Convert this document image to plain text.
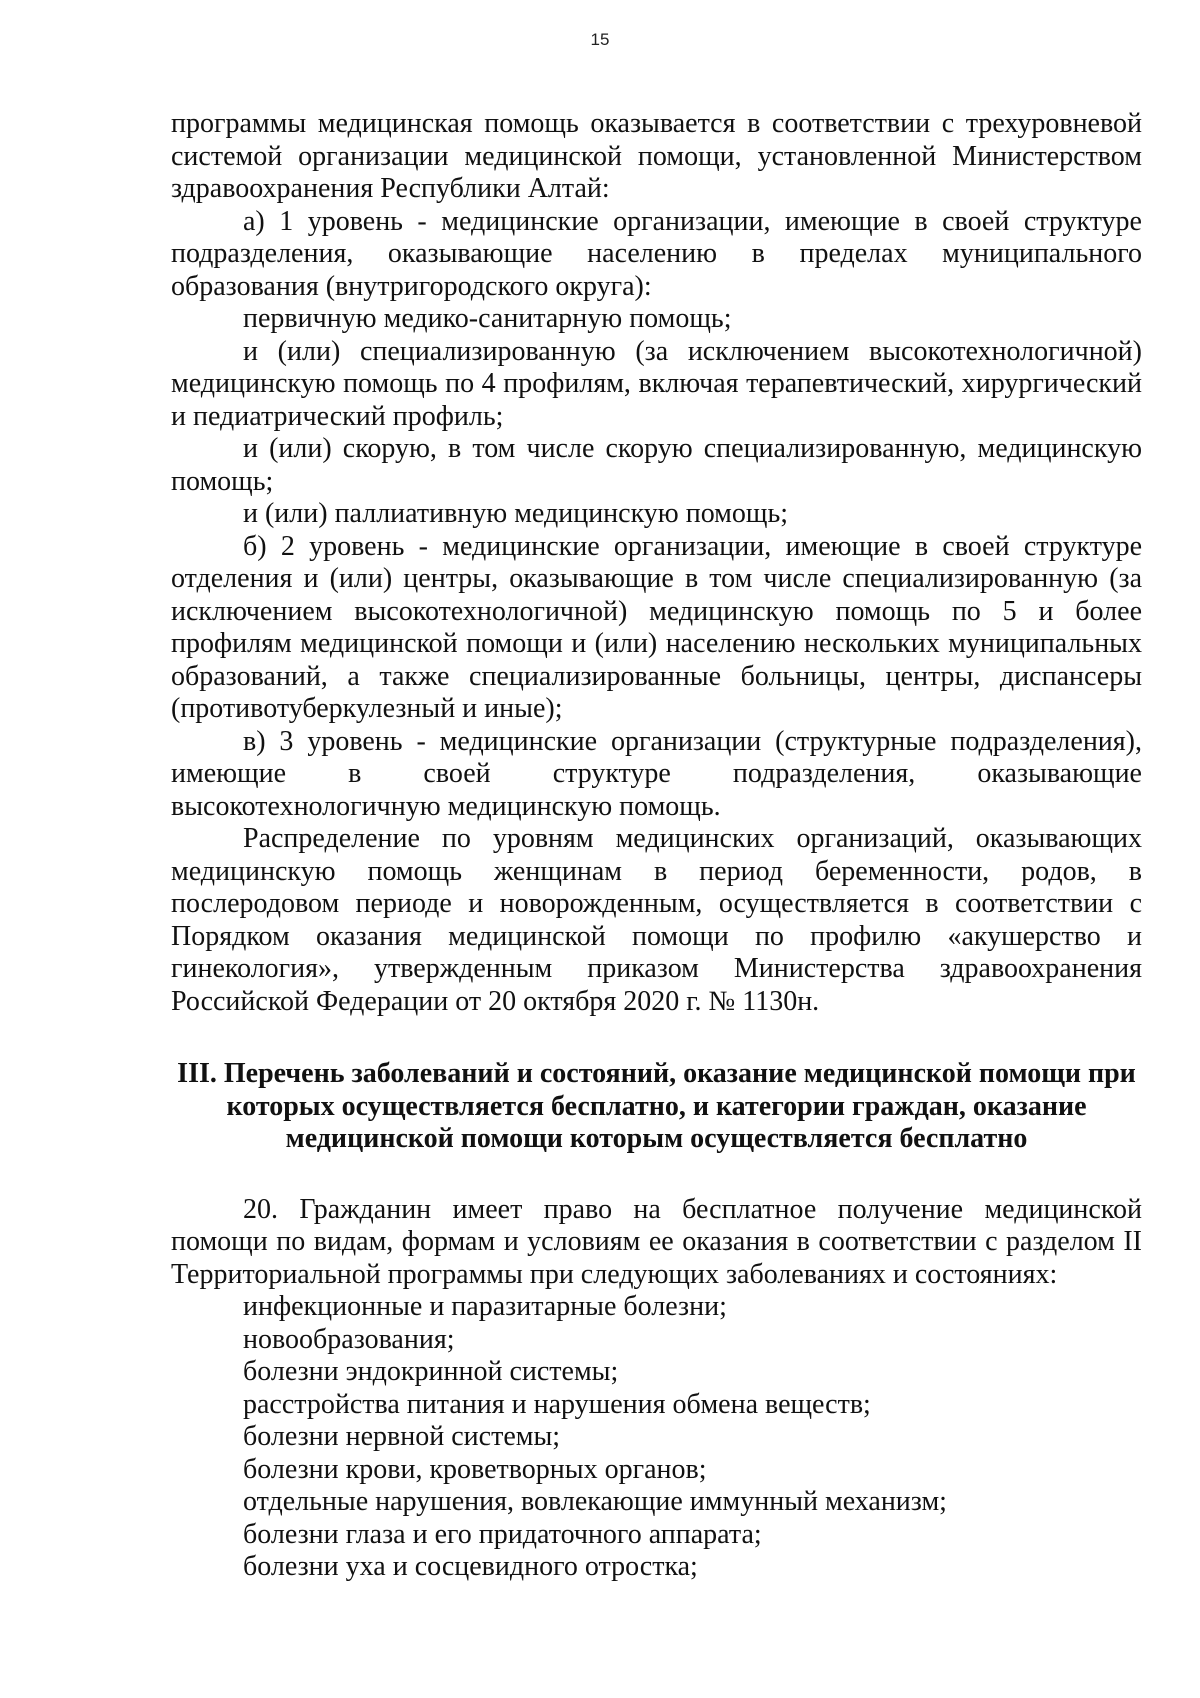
15

программы медицинская помощь оказывается в соответствии с трехуровневой системой организации медицинской помощи, установленной Министерством здравоохранения Республики Алтай:

а) 1 уровень - медицинские организации, имеющие в своей структуре подразделения, оказывающие населению в пределах муниципального образования (внутригородского округа):

первичную медико-санитарную помощь;

и (или) специализированную (за исключением высокотехнологичной) медицинскую помощь по 4 профилям, включая терапевтический, хирургический и педиатрический профиль;

и (или) скорую, в том числе скорую специализированную, медицинскую помощь;

и (или) паллиативную медицинскую помощь;

б) 2 уровень - медицинские организации, имеющие в своей структуре отделения и (или) центры, оказывающие в том числе специализированную (за исключением высокотехнологичной) медицинскую помощь по 5 и более профилям медицинской помощи и (или) населению нескольких муниципальных образований, а также специализированные больницы, центры, диспансеры (противотуберкулезный и иные);

в) 3 уровень - медицинские организации (структурные подразделения), имеющие в своей структуре подразделения, оказывающие высокотехнологичную медицинскую помощь.

Распределение по уровням медицинских организаций, оказывающих медицинскую помощь женщинам в период беременности, родов, в послеродовом периоде и новорожденным, осуществляется в соответствии с Порядком оказания медицинской помощи по профилю «акушерство и гинекология», утвержденным приказом Министерства здравоохранения Российской Федерации от 20 октября 2020 г. № 1130н.

III. Перечень заболеваний и состояний, оказание медицинской помощи при которых осуществляется бесплатно, и категории граждан, оказание медицинской помощи которым осуществляется бесплатно

20. Гражданин имеет право на бесплатное получение медицинской помощи по видам, формам и условиям ее оказания в соответствии с разделом II Территориальной программы при следующих заболеваниях и состояниях:

инфекционные и паразитарные болезни;

новообразования;

болезни эндокринной системы;

расстройства питания и нарушения обмена веществ;

болезни нервной системы;

болезни крови, кроветворных органов;

отдельные нарушения, вовлекающие иммунный механизм;

болезни глаза и его придаточного аппарата;

болезни уха и сосцевидного отростка;
